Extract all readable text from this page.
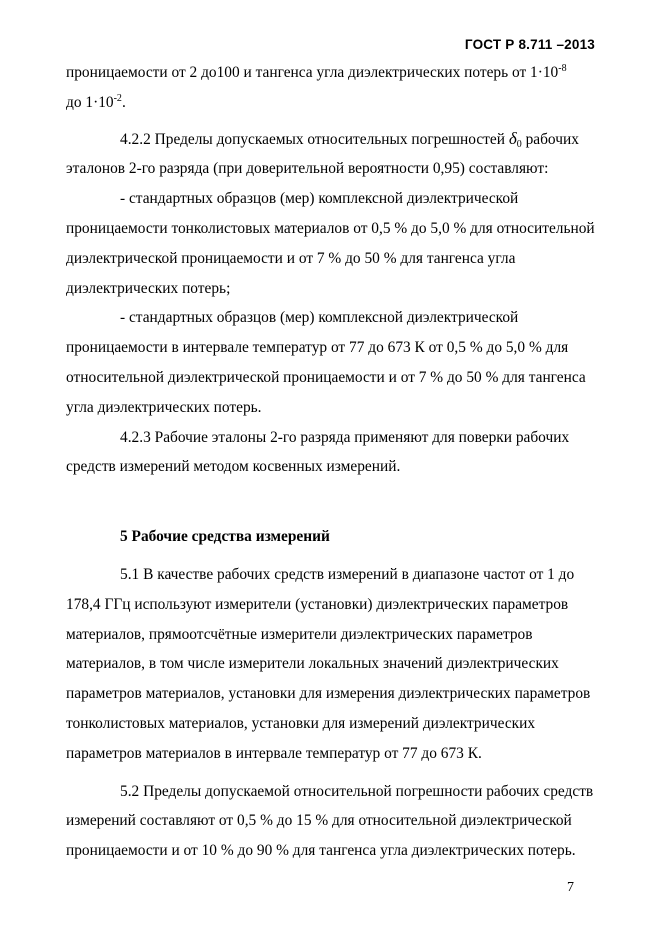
ГОСТ Р 8.711 –2013

проницаемости от 2 до100 и тангенса угла диэлектрических потерь от $1\cdot 10^{-8}$
до $1\cdot 10^{-2}$.

4.2.2 Пределы допускаемых относительных погрешностей $\delta_0$ рабочих эталонов 2-го разряда (при доверительной вероятности 0,95) составляют:

- стандартных образцов (мер) комплексной диэлектрической проницаемости тонколистовых материалов от 0,5 % до 5,0 % для относительной диэлектрической проницаемости и от 7 % до 50 % для тангенса угла диэлектрических потерь;

- стандартных образцов (мер) комплексной диэлектрической проницаемости в интервале температур от 77 до 673 К от 0,5 % до 5,0 % для относительной диэлектрической проницаемости и от 7 % до 50 % для тангенса угла диэлектрических потерь.

4.2.3 Рабочие эталоны 2-го разряда применяют для поверки рабочих средств измерений методом косвенных измерений.

5 Рабочие средства измерений

5.1 В качестве рабочих средств измерений в диапазоне частот от 1 до 178,4 ГГц используют измерители (установки) диэлектрических параметров материалов, прямоотсчётные измерители диэлектрических параметров материалов, в том числе измерители локальных значений диэлектрических параметров материалов, установки для измерения диэлектрических параметров тонколистовых материалов, установки для измерений диэлектрических параметров материалов в интервале температур от 77 до 673 К.

5.2 Пределы допускаемой относительной погрешности рабочих средств измерений составляют от 0,5 % до 15 % для относительной диэлектрической проницаемости и от 10 % до 90 % для тангенса угла диэлектрических потерь.

7
